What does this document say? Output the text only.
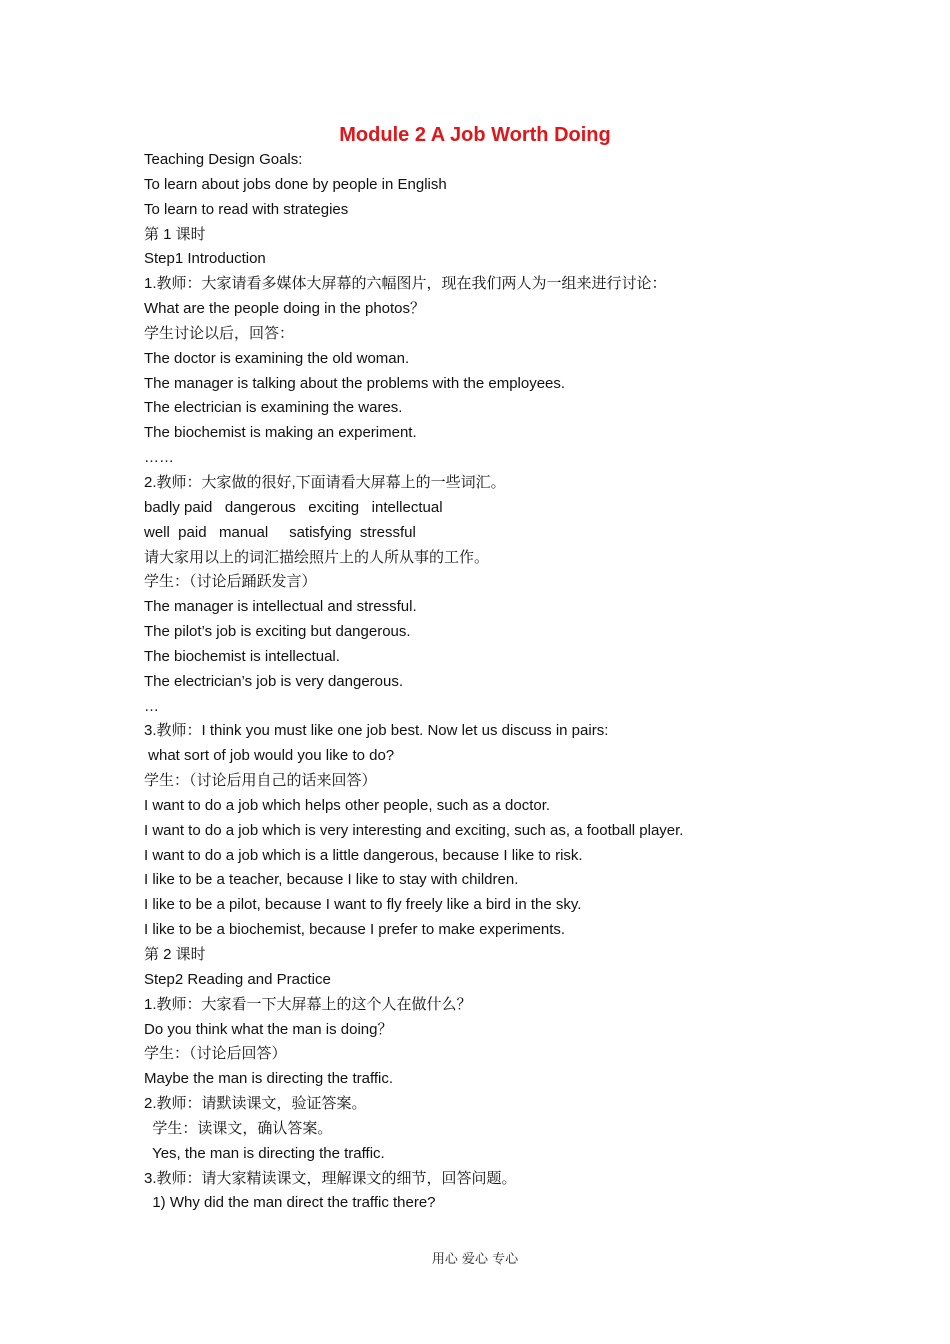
Module 2 A Job Worth Doing
Teaching Design Goals:
To learn about jobs done by people in English
To learn to read with strategies
第 1 课时
Step1 Introduction
1.教师：大家请看多媒体大屏幕的六幅图片，现在我们两人为一组来进行讨论：
What are the people doing in the photos？
学生讨论以后，回答：
The doctor is examining the old woman.
The manager is talking about the problems with the employees.
The electrician is examining the wares.
The biochemist is making an experiment.
……
2.教师：大家做的很好,下面请看大屏幕上的一些词汇。
badly paid   dangerous   exciting   intellectual
well  paid   manual     satisfying  stressful
请大家用以上的词汇描绘照片上的人所从事的工作。
学生：（讨论后踊跃发言）
The manager is intellectual and stressful.
The pilot’s job is exciting but dangerous.
The biochemist is intellectual.
The electrician’s job is very dangerous.
…
3.教师：I think you must like one job best. Now let us discuss in pairs:
what sort of job would you like to do?
学生：（讨论后用自己的话来回答）
I want to do a job which helps other people, such as a doctor.
I want to do a job which is very interesting and exciting, such as, a football player.
I want to do a job which is a little dangerous, because I like to risk.
I like to be a teacher, because I like to stay with children.
I like to be a pilot, because I want to fly freely like a bird in the sky.
I like to be a biochemist, because I prefer to make experiments.
第 2 课时
Step2 Reading and Practice
1.教师：大家看一下大屏幕上的这个人在做什么？
Do you think what the man is doing？
学生：（讨论后回答）
Maybe the man is directing the traffic.
2.教师：请默读课文，验证答案。
学生：读课文，确认答案。
Yes, the man is directing the traffic.
3.教师：请大家精读课文，理解课文的细节，回答问题。
1) Why did the man direct the traffic there?
用心 爱心 专心
